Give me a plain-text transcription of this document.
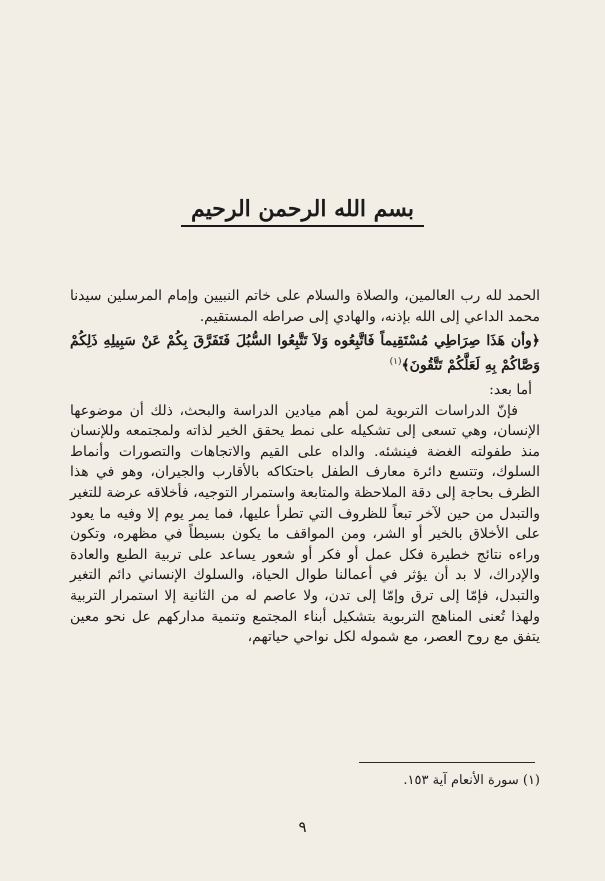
بسم الله الرحمن الرحيم

الحمد لله رب العالمين، والصلاة والسلام على خاتم النبيين وإمام المرسلين سيدنا محمد الداعي إلى الله بإذنه، والهادي إلى صراطه المستقيم.

﴿وأن هَذَا صِرَاطِي مُسْتَقِيماً فَاتَّبِعُوه وَلاَ تَتَّبِعُوا السُّبُلَ فَتَفَرَّقَ بِكُمْ عَنْ سَبِيلِهِ ذَلِكُمْ وَصَّاكُمْ بِهِ لَعَلَّكُمْ تَتَّقُونَ﴾$^{(١)}$

أما بعد:

فإنّ الدراسات التربوية لمن أهم ميادين الدراسة والبحث، ذلك أن موضوعها الإنسان، وهي تسعى إلى تشكيله على نمط يحقق الخير لذاته ولمجتمعه وللإنسان منذ طفولته الغضة فينشئه. والداه على القيم والاتجاهات والتصورات وأنماط السلوك، وتتسع دائرة معارف الطفل باحتكاكه بالأقارب والجيران، وهو في هذا الظرف بحاجة إلى دقة الملاحظة والمتابعة واستمرار التوجيه، فأخلاقه عرضة للتغير والتبدل من حين لآخر تبعاً للظروف التي تطرأ عليها، فما يمر يوم إلا وفيه ما يعود على الأخلاق بالخير أو الشر، ومن المواقف ما يكون بسيطاً في مظهره، وتكون وراءه نتائج خطيرة فكل عمل أو فكر أو شعور يساعد على تربية الطبع والعادة والإدراك، لا بد أن يؤثر في أعمالنا طوال الحياة، والسلوك الإنساني دائم التغير والتبدل، فإمّا إلى ترق وإمّا إلى تدن، ولا عاصم له من الثانية إلا استمرار التربية ولهذا تُعنى المناهج التربوية بتشكيل أبناء المجتمع وتنمية مداركهم عل نحو معين يتفق مع روح العصر، مع شموله لكل نواحي حياتهم،

(١) سورة الأنعام آية ١٥٣.
٩
